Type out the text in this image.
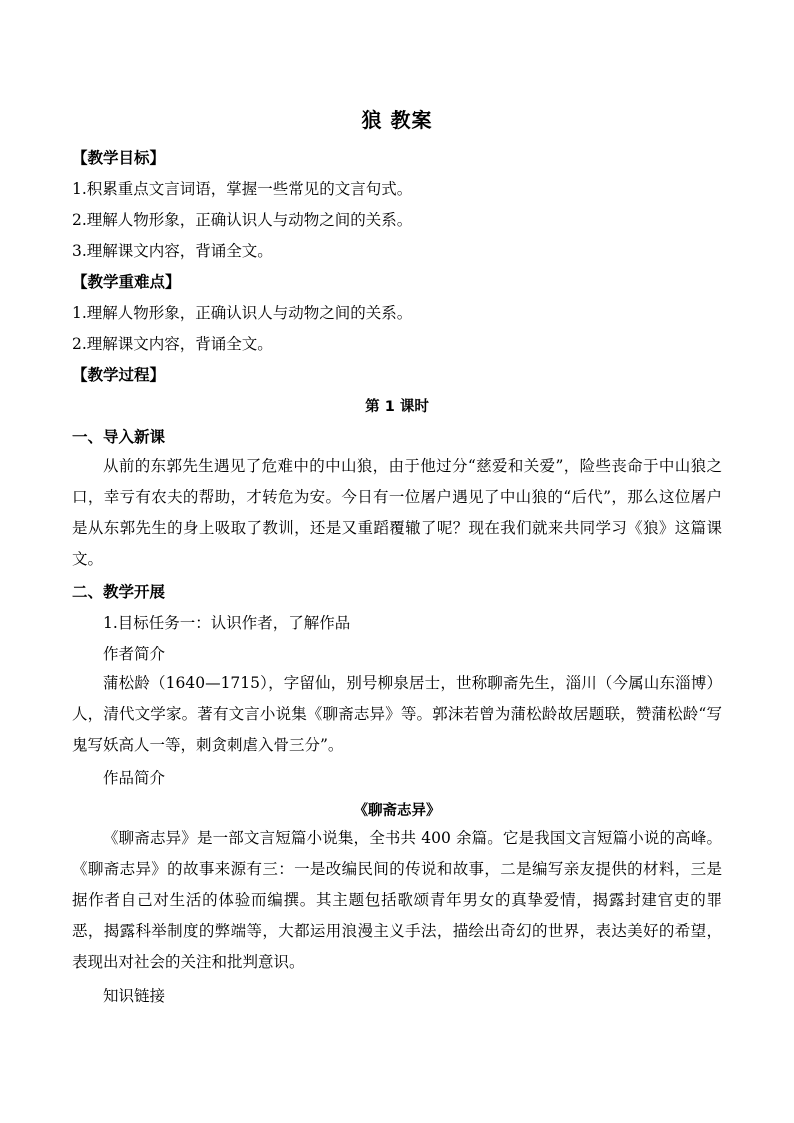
狼 教案
【教学目标】
1.积累重点文言词语，掌握一些常见的文言句式。
2.理解人物形象，正确认识人与动物之间的关系。
3.理解课文内容，背诵全文。
【教学重难点】
1.理解人物形象，正确认识人与动物之间的关系。
2.理解课文内容，背诵全文。
【教学过程】
第 1 课时
一、导入新课

从前的东郭先生遇见了危难中的中山狼，由于他过分“慈爱和关爱”，险些丧命于中山狼之口，幸亏有农夫的帮助，才转危为安。今日有一位屠户遇见了中山狼的“后代”，那么这位屠户是从东郭先生的身上吸取了教训，还是又重蹈覆辙了呢？现在我们就来共同学习《狼》这篇课文。

二、教学开展
1.目标任务一：认识作者，了解作品
作者简介

蒲松龄（1640—1715），字留仙，别号柳泉居士，世称聊斋先生，淄川（今属山东淄博）人，清代文学家。著有文言小说集《聊斋志异》等。郭沫若曾为蒲松龄故居题联，赞蒲松龄“写鬼写妖高人一等，刺贪刺虐入骨三分”。

作品简介
《聊斋志异》

《聊斋志异》是一部文言短篇小说集，全书共 400 余篇。它是我国文言短篇小说的高峰。《聊斋志异》的故事来源有三：一是改编民间的传说和故事，二是编写亲友提供的材料，三是据作者自己对生活的体验而编撰。其主题包括歌颂青年男女的真挚爱情，揭露封建官吏的罪恶，揭露科举制度的弊端等，大都运用浪漫主义手法，描绘出奇幻的世界，表达美好的希望，表现出对社会的关注和批判意识。

知识链接
